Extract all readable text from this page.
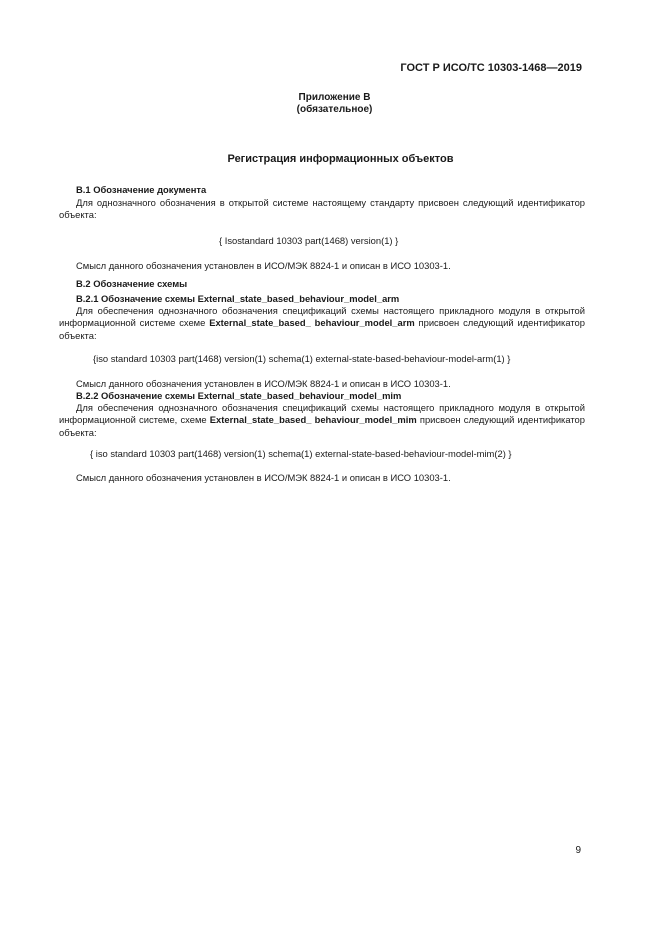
ГОСТ Р ИСО/ТС 10303-1468—2019
Приложение В
(обязательное)
Регистрация информационных объектов
В.1 Обозначение документа
Для однозначного обозначения в открытой системе настоящему стандарту присвоен следующий идентификатор объекта:
{ Isostandard 10303 part(1468) version(1) }
Смысл данного обозначения установлен в ИСО/МЭК 8824-1 и описан в ИСО 10303-1.
В.2 Обозначение схемы
В.2.1 Обозначение схемы External_state_based_behaviour_model_arm
Для обеспечения однозначного обозначения спецификаций схемы настоящего прикладного модуля в открытой информационной системе схеме External_state_based_ behaviour_model_arm присвоен следующий идентификатор объекта:
{iso standard 10303 part(1468) version(1) schema(1) external-state-based-behaviour-model-arm(1) }
Смысл данного обозначения установлен в ИСО/МЭК 8824-1 и описан в ИСО 10303-1.
В.2.2 Обозначение схемы External_state_based_behaviour_model_mim
Для обеспечения однозначного обозначения спецификаций схемы настоящего прикладного модуля в открытой информационной системе, схеме External_state_based_ behaviour_model_mim присвоен следующий идентификатор объекта:
{ iso standard 10303 part(1468) version(1) schema(1) external-state-based-behaviour-model-mim(2) }
Смысл данного обозначения установлен в ИСО/МЭК 8824-1 и описан в ИСО 10303-1.
9
